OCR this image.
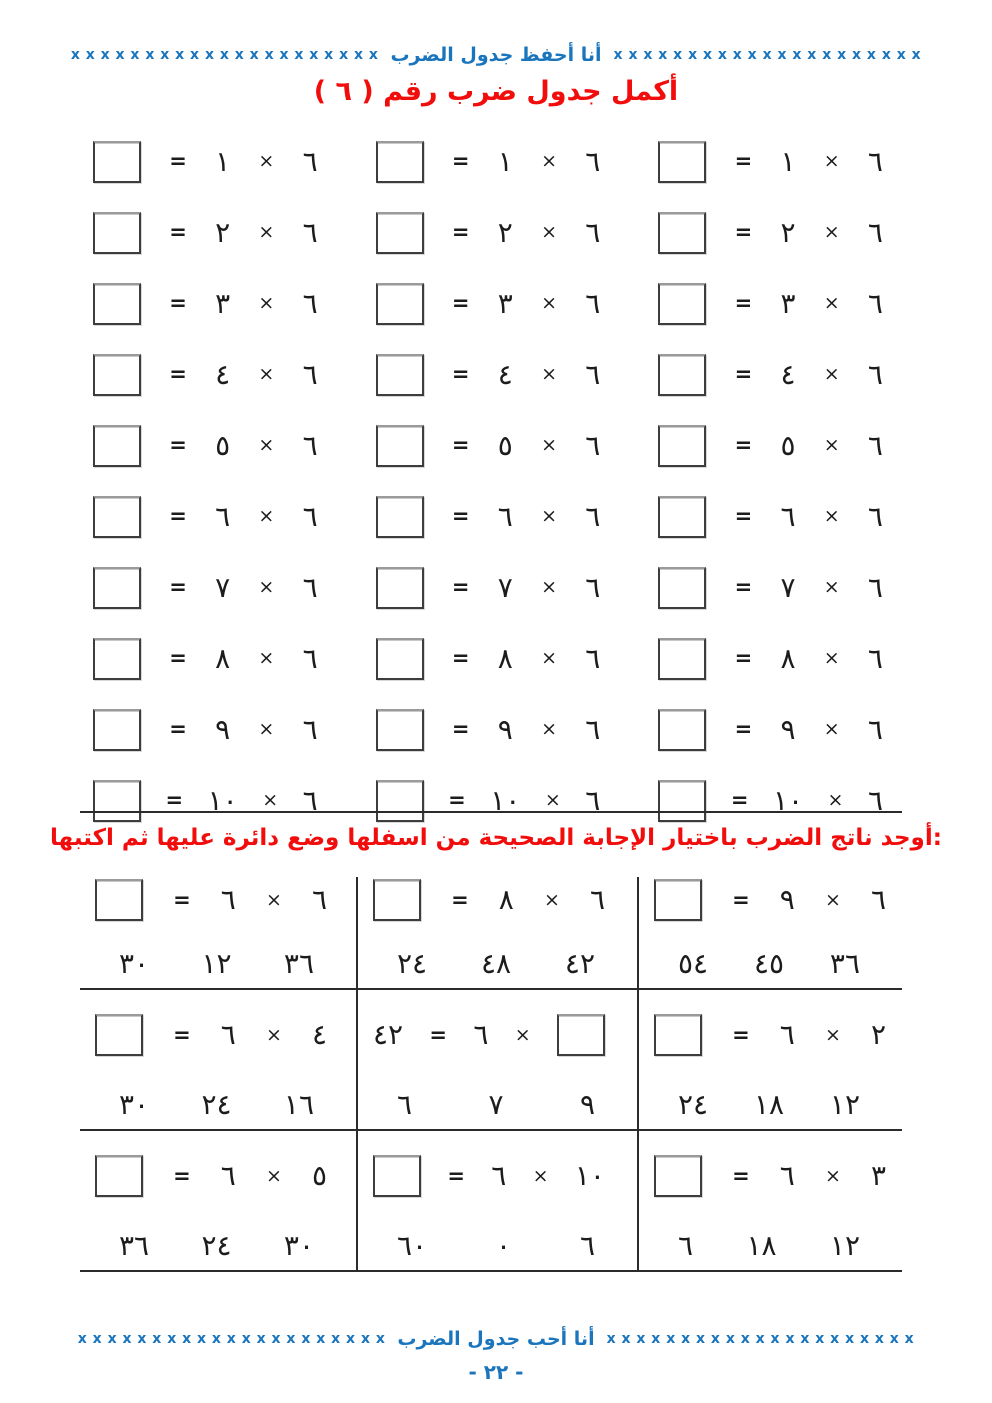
x x x x x x x x x x x x x x x x x x x x x أنا أحفظ جدول الضرب x x x x x x x x x x x x x x x x x x x x x
أكمل جدول ضرب رقم ( ٦ )
= ١ × ٦	= ١ × ٦	= ١ × ٦
= ٢ × ٦	= ٢ × ٦	= ٢ × ٦
= ٣ × ٦	= ٣ × ٦	= ٣ × ٦
= ٤ × ٦	= ٤ × ٦	= ٤ × ٦
= ٥ × ٦	= ٥ × ٦	= ٥ × ٦
= ٦ × ٦	= ٦ × ٦	= ٦ × ٦
= ٧ × ٦	= ٧ × ٦	= ٧ × ٦
= ٨ × ٦	= ٨ × ٦	= ٨ × ٦
= ٩ × ٦	= ٩ × ٦	= ٩ × ٦
= ١٠ × ٦	= ١٠ × ٦	= ١٠ × ٦
أوجد ناتج الضرب باختيار الإجابة الصحيحة من اسفلها وضع دائرة عليها ثم اكتبها:
= ٦ × ٦
٣٠ ١٢ ٣٦
= ٨ × ٦
٢٤ ٤٨ ٤٢
= ٩ × ٦
٥٤ ٤٥ ٣٦
= ٦ × ٤
٣٠ ٢٤ ١٦
٤٢ = ٦ ×
٦	٧	٩
= ٦ × ٢
٢٤ ١٨ ١٢
= ٦ × ٥
٣٦ ٢٤ ٣٠
= ٦ × ١٠
٦٠ ٠ ٦
= ٦ × ٣
٦ ١٨ ١٢
x x x x x x x x x x x x x x x x x x x x x أنا أحب جدول الضرب x x x x x x x x x x x x x x x x x x x x x
- ٢٢ -
